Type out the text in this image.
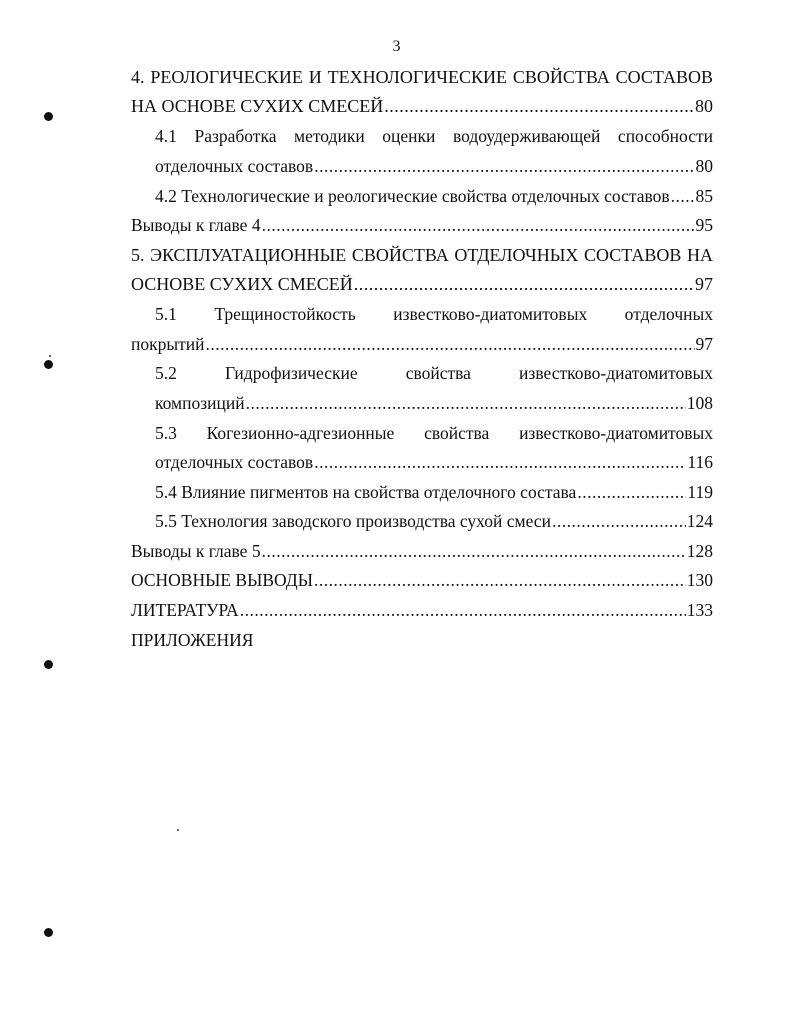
3
4. РЕОЛОГИЧЕСКИЕ И ТЕХНОЛОГИЧЕСКИЕ СВОЙСТВА СОСТАВОВ
НА ОСНОВЕ СУХИХ СМЕСЕЙ .....	80
4.1 Разработка методики оценки водоудерживающей способности
отделочных составов .....	80
4.2 Технологические и реологические свойства отделочных составов ..... 85
Выводы к главе 4 .....	95
5. ЭКСПЛУАТАЦИОННЫЕ СВОЙСТВА ОТДЕЛОЧНЫХ СОСТАВОВ НА
ОСНОВЕ СУХИХ СМЕСЕЙ .....	97
5.1 Трещиностойкость известково-диатомитовых отделочных
покрытий .....	97
5.2 Гидрофизические свойства известково-диатомитовых
композиций .....	108
5.3 Когезионно-адгезионные свойства известково-диатомитовых
отделочных составов .....	116
5.4 Влияние пигментов на свойства отделочного состава .....	119
5.5 Технология заводского производства сухой смеси .....	124
Выводы к главе 5 .....	128
ОСНОВНЫЕ ВЫВОДЫ .....	130
ЛИТЕРАТУРА .....	133
ПРИЛОЖЕНИЯ
